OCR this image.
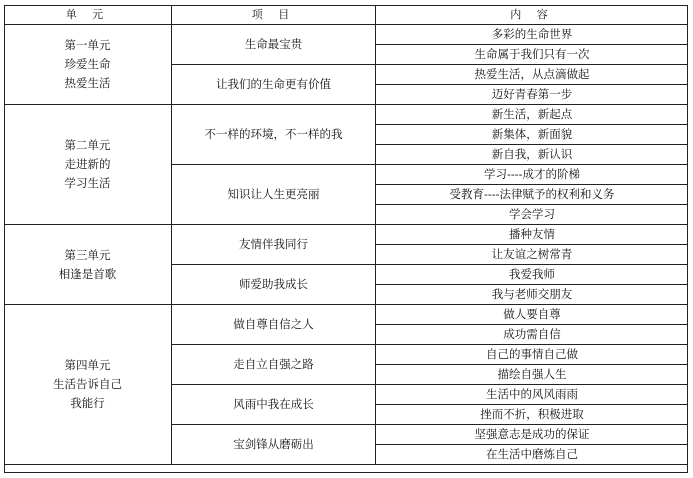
单 元	项 目	内 容
第一单元
珍爱生命
热爱生活
生命最宝贵
多彩的生命世界
生命属于我们只有一次
让我们的生命更有价值
热爱生活，从点滴做起
迈好青春第一步
第二单元
走进新的
学习生活
不一样的环境，不一样的我
新生活，新起点
新集体，新面貌
新自我，新认识
知识让人生更亮丽
学习----成才的阶梯
受教育----法律赋予的权利和义务
学会学习
第三单元
相逢是首歌
友情伴我同行
播种友情
让友谊之树常青
师爱助我成长
我爱我师
我与老师交朋友
第四单元
生活告诉自己
我能行
做自尊自信之人
做人要自尊
成功需自信
走自立自强之路
自己的事情自己做
描绘自强人生
风雨中我在成长
生活中的风风雨雨
挫而不折，积极进取
宝剑锋从磨砺出
坚强意志是成功的保证
在生活中磨炼自己
